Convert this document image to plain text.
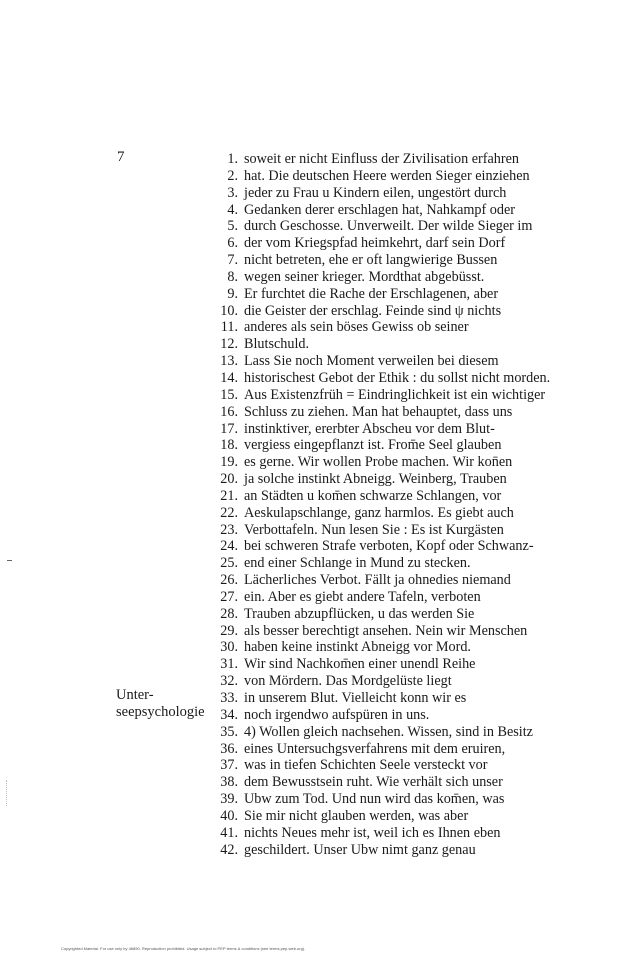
7
Unter-
seepsychologie
1. soweit er nicht Einfluss der Zivilisation erfahren
2. hat. Die deutschen Heere werden Sieger einziehen
3. jeder zu Frau u Kindern eilen, ungestört durch
4. Gedanken derer erschlagen hat, Nahkampf oder
5. durch Geschosse. Unverweilt. Der wilde Sieger im
6. der vom Kriegspfad heimkehrt, darf sein Dorf
7. nicht betreten, ehe er oft langwierige Bussen
8. wegen seiner krieger. Mordthat abgebüsst.
9. Er furchtet die Rache der Erschlagenen, aber
10. die Geister der erschlag. Feinde sind ψ nichts
11. anderes als sein böses Gewiss ob seiner
12. Blutschuld.
13. Lass Sie noch Moment verweilen bei diesem
14. historischest Gebot der Ethik : du sollst nicht morden.
15. Aus Existenzfrüh = Eindringlichkeit ist ein wichtiger
16. Schluss zu ziehen. Man hat behauptet, dass uns
17. instinktiver, ererbter Abscheu vor dem Blut-
18. vergiess eingepflanzt ist. From̄e Seel glauben
19. es gerne. Wir wollen Probe machen. Wir kon̄en
20. ja solche instinkt Abneigg. Weinberg, Trauben
21. an Städten u kom̄en schwarze Schlangen, vor
22. Aeskulapschlange, ganz harmlos. Es giebt auch
23. Verbottafeln. Nun lesen Sie : Es ist Kurgästen
24. bei schweren Strafe verboten, Kopf oder Schwanz-
25. end einer Schlange in Mund zu stecken.
26. Lächerliches Verbot. Fällt ja ohnedies niemand
27. ein. Aber es giebt andere Tafeln, verboten
28. Trauben abzupflücken, u das werden Sie
29. als besser berechtigt ansehen. Nein wir Menschen
30. haben keine instinkt Abneigg vor Mord.
31. Wir sind Nachkom̄en einer unendl Reihe
32. von Mördern. Das Mordgelüste liegt
33. in unserem Blut. Vielleicht konn wir es
34. noch irgendwo aufspüren in uns.
35. 4) Wollen gleich nachsehen. Wissen, sind in Besitz
36. eines Untersuchgsverfahrens mit dem eruiren,
37. was in tiefen Schichten Seele versteckt vor
38. dem Bewusstsein ruht. Wie verhält sich unser
39. Ubw zum Tod. Und nun wird das kom̄en, was
40. Sie mir nicht glauben werden, was aber
41. nichts Neues mehr ist, weil ich es Ihnen eben
42. geschildert. Unser Ubw nimt ganz genau
Copyrighted Material. For use only by 46890. Reproduction prohibited. Usage subject to PEP terms & conditions (see terms.pep-web.org).
